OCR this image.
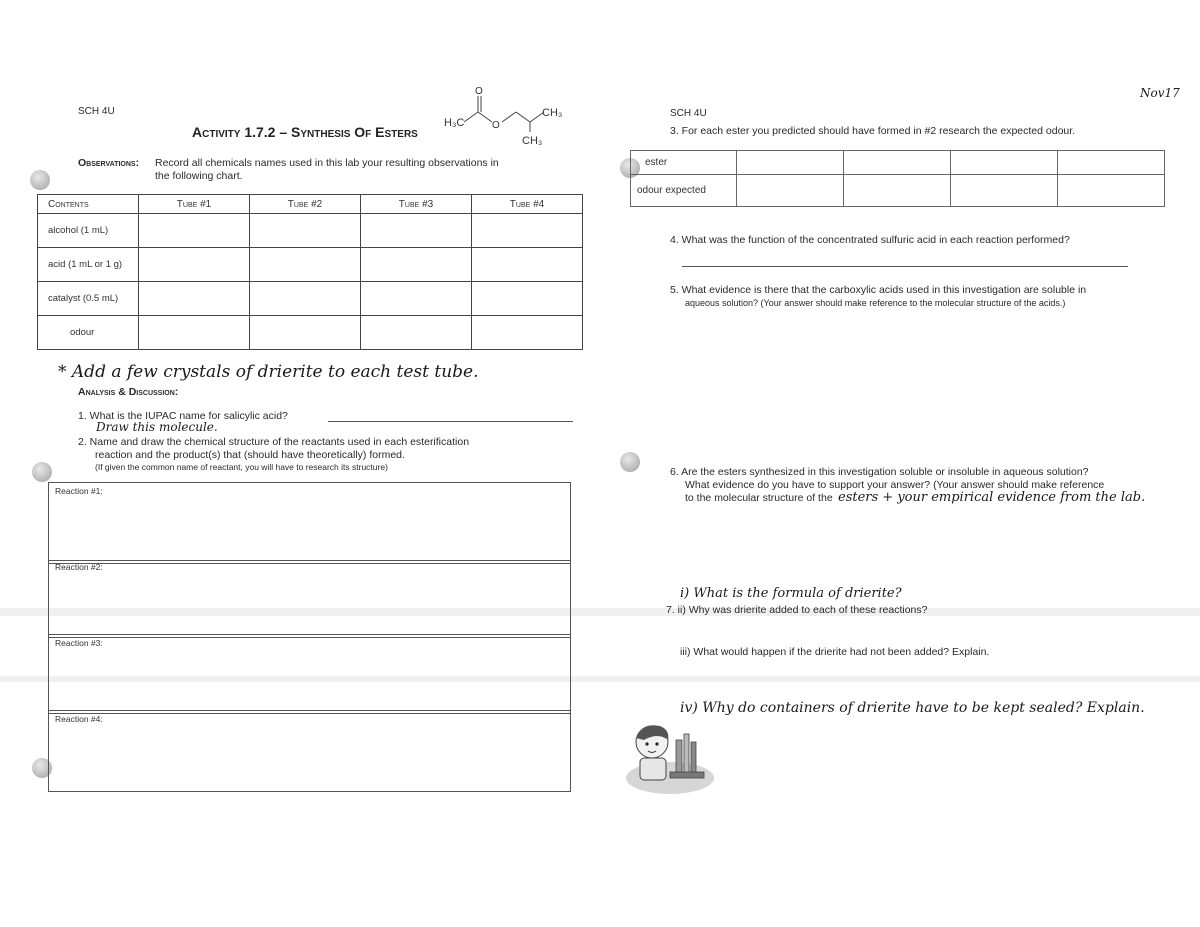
Nov17
SCH 4U
Activity 1.7.2 – Synthesis Of Esters
H₃C
O
O
CH₃
CH₃
Observations: Record all chemicals names used in this lab your resulting observations in
the following chart.
Contents	Tube #1	Tube #2	Tube #3	Tube #4
alcohol (1 mL)				
acid (1 mL or 1 g)				
catalyst (0.5 mL)				
odour				
* Add a few crystals of drierite to each test tube.
Analysis & Discussion:
1. What is the IUPAC name for salicylic acid?
Draw this molecule.
2. Name and draw the chemical structure of the reactants used in each esterification
reaction and the product(s) that (should have theoretically) formed.
(If given the common name of reactant, you will have to research its structure)
Reaction #1:
Reaction #2:
Reaction #3:
Reaction #4:
SCH 4U
3. For each ester you predicted should have formed in #2 research the expected odour.
ester				
odour expected				
4. What was the function of the concentrated sulfuric acid in each reaction performed?
5. What evidence is there that the carboxylic acids used in this investigation are soluble in
aqueous solution? (Your answer should make reference to the molecular structure of the acids.)
6. Are the esters synthesized in this investigation soluble or insoluble in aqueous solution?
What evidence do you have to support your answer? (Your answer should make reference
to the molecular structure of the esters + your empirical evidence from the lab.
i) What is the formula of drierite?
7. ii) Why was drierite added to each of these reactions?
iii) What would happen if the drierite had not been added? Explain.
iv) Why do containers of drierite have to be kept sealed? Explain.
